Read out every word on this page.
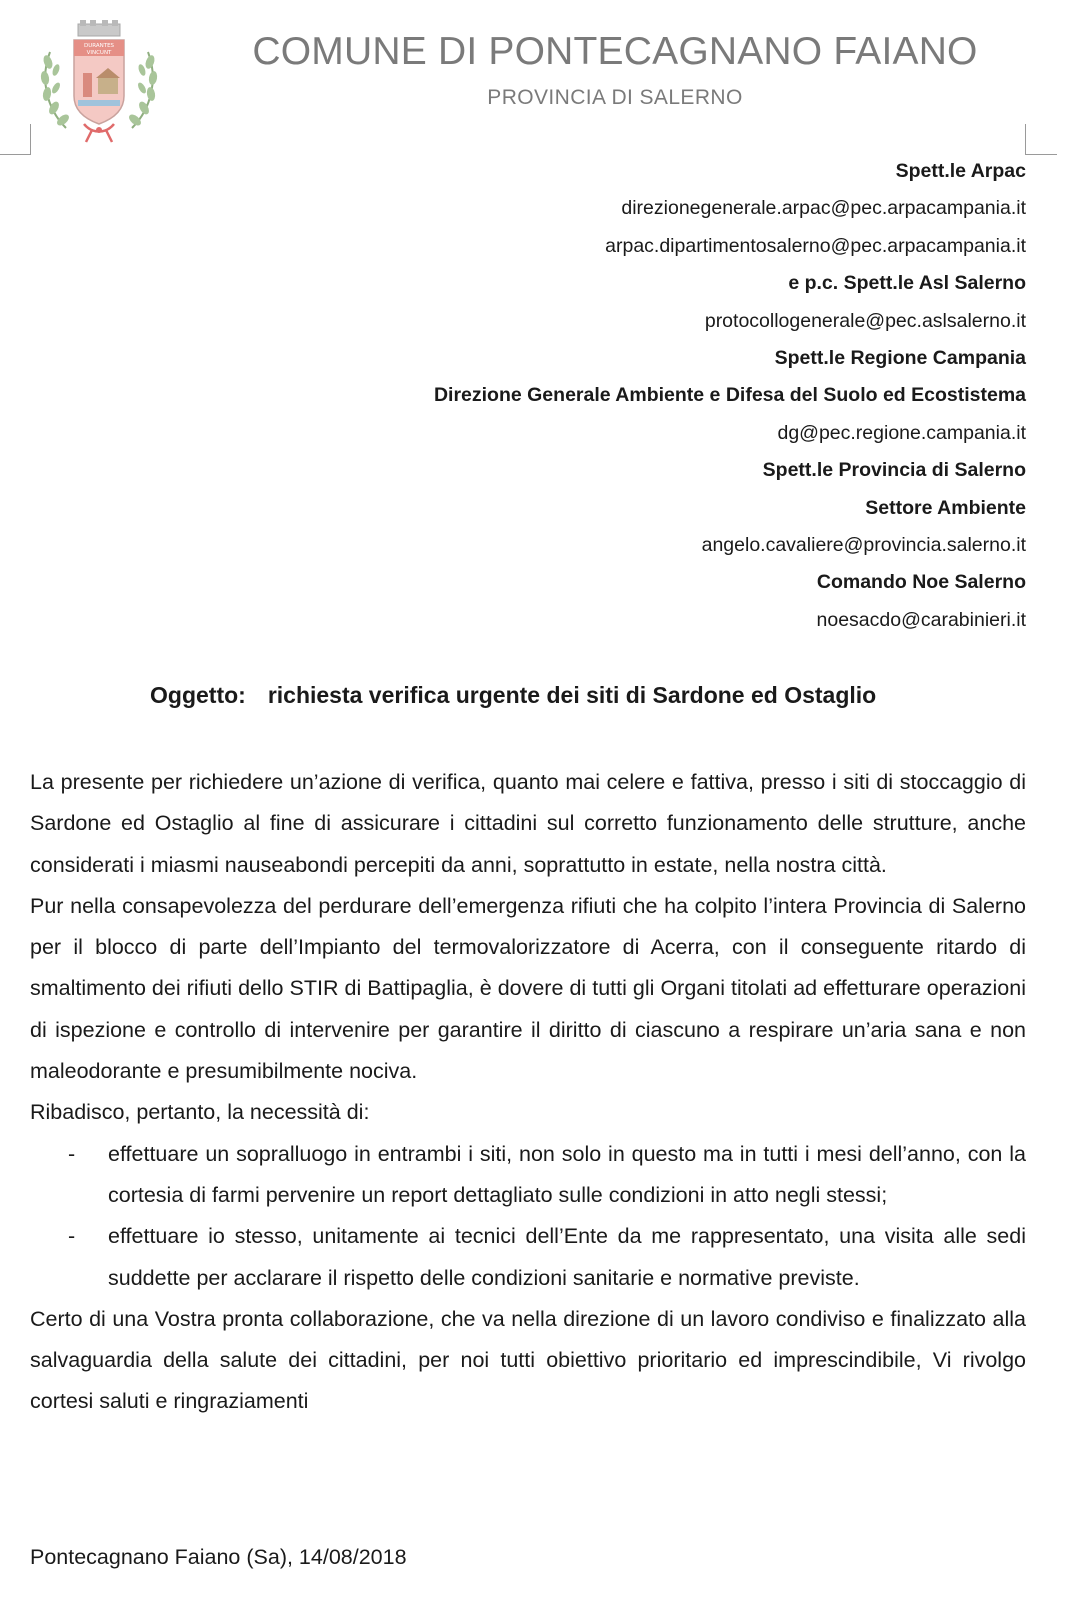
DURANTES
VINCUNT	COMUNE DI PONTECAGNANO FAIANO
PROVINCIA DI SALERNO
Spett.le Arpac
direzionegenerale.arpac@pec.arpacampania.it
arpac.dipartimentosalerno@pec.arpacampania.it
e p.c. Spett.le Asl Salerno
protocollogenerale@pec.aslsalerno.it
Spett.le Regione Campania
Direzione Generale Ambiente e Difesa del Suolo ed Ecostistema
dg@pec.regione.campania.it
Spett.le Provincia di Salerno
Settore Ambiente
angelo.cavaliere@provincia.salerno.it
Comando Noe Salerno
noesacdo@carabinieri.it
Oggetto: richiesta verifica urgente dei siti di Sardone ed Ostaglio

La presente per richiedere un’azione di verifica, quanto mai celere e fattiva, presso i siti di stoccaggio di Sardone ed Ostaglio al fine di assicurare i cittadini sul corretto funzionamento delle strutture, anche considerati i miasmi nauseabondi percepiti da anni, soprattutto in estate, nella nostra città.

Pur nella consapevolezza del perdurare dell’emergenza rifiuti che ha colpito l’intera Provincia di Salerno per il blocco di parte dell’Impianto del termovalorizzatore di Acerra, con il conseguente ritardo di smaltimento dei rifiuti dello STIR di Battipaglia, è dovere di tutti gli Organi titolati ad effetturare operazioni di ispezione e controllo di intervenire per garantire il diritto di ciascuno a respirare un’aria sana e non maleodorante e presumibilmente nociva.

Ribadisco, pertanto, la necessità di:

- effettuare un sopralluogo in entrambi i siti, non solo in questo ma in tutti i mesi dell’anno, con la cortesia di farmi pervenire un report dettagliato sulle condizioni in atto negli stessi;
- effettuare io stesso, unitamente ai tecnici dell’Ente da me rappresentato, una visita alle sedi suddette per acclarare il rispetto delle condizioni sanitarie e normative previste.

Certo di una Vostra pronta collaborazione, che va nella direzione di un lavoro condiviso e finalizzato alla salvaguardia della salute dei cittadini, per noi tutti obiettivo prioritario ed imprescindibile, Vi rivolgo cortesi saluti e ringraziamenti

Pontecagnano Faiano (Sa), 14/08/2018
